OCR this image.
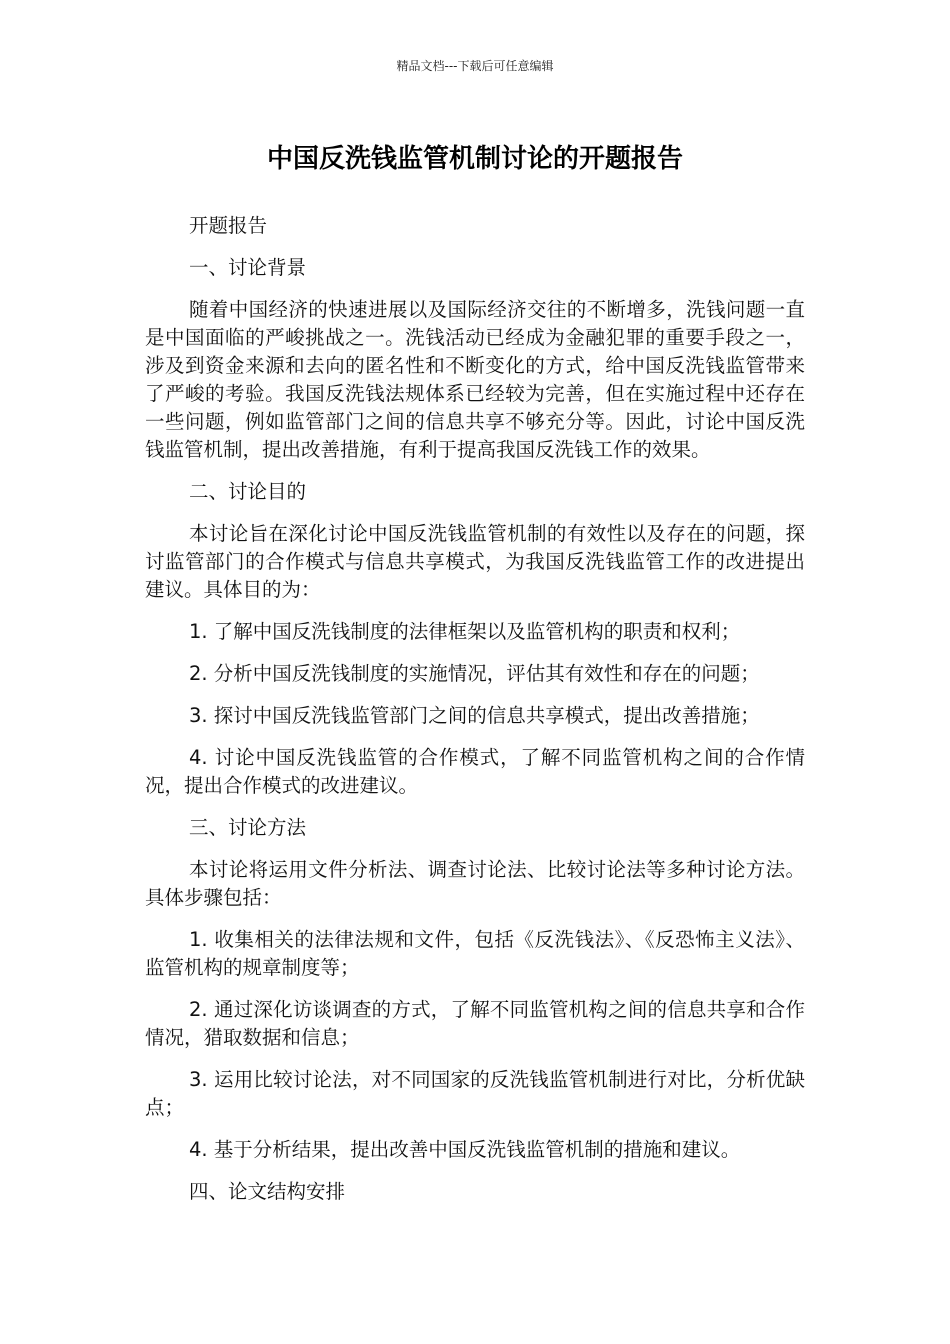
精品文档---下载后可任意编辑
中国反洗钱监管机制讨论的开题报告

开题报告

一、讨论背景

随着中国经济的快速进展以及国际经济交往的不断增多，洗钱问题一直是中国面临的严峻挑战之一。洗钱活动已经成为金融犯罪的重要手段之一，涉及到资金来源和去向的匿名性和不断变化的方式，给中国反洗钱监管带来了严峻的考验。我国反洗钱法规体系已经较为完善，但在实施过程中还存在一些问题，例如监管部门之间的信息共享不够充分等。因此，讨论中国反洗钱监管机制，提出改善措施，有利于提高我国反洗钱工作的效果。

二、讨论目的

本讨论旨在深化讨论中国反洗钱监管机制的有效性以及存在的问题，探讨监管部门的合作模式与信息共享模式，为我国反洗钱监管工作的改进提出建议。具体目的为：

1. 了解中国反洗钱制度的法律框架以及监管机构的职责和权利；

2. 分析中国反洗钱制度的实施情况，评估其有效性和存在的问题；

3. 探讨中国反洗钱监管部门之间的信息共享模式，提出改善措施；

4. 讨论中国反洗钱监管的合作模式，了解不同监管机构之间的合作情况，提出合作模式的改进建议。

三、讨论方法

本讨论将运用文件分析法、调查讨论法、比较讨论法等多种讨论方法。具体步骤包括：

1. 收集相关的法律法规和文件，包括《反洗钱法》、《反恐怖主义法》、监管机构的规章制度等；

2. 通过深化访谈调查的方式，了解不同监管机构之间的信息共享和合作情况，猎取数据和信息；

3. 运用比较讨论法，对不同国家的反洗钱监管机制进行对比，分析优缺点；

4. 基于分析结果，提出改善中国反洗钱监管机制的措施和建议。

四、论文结构安排
